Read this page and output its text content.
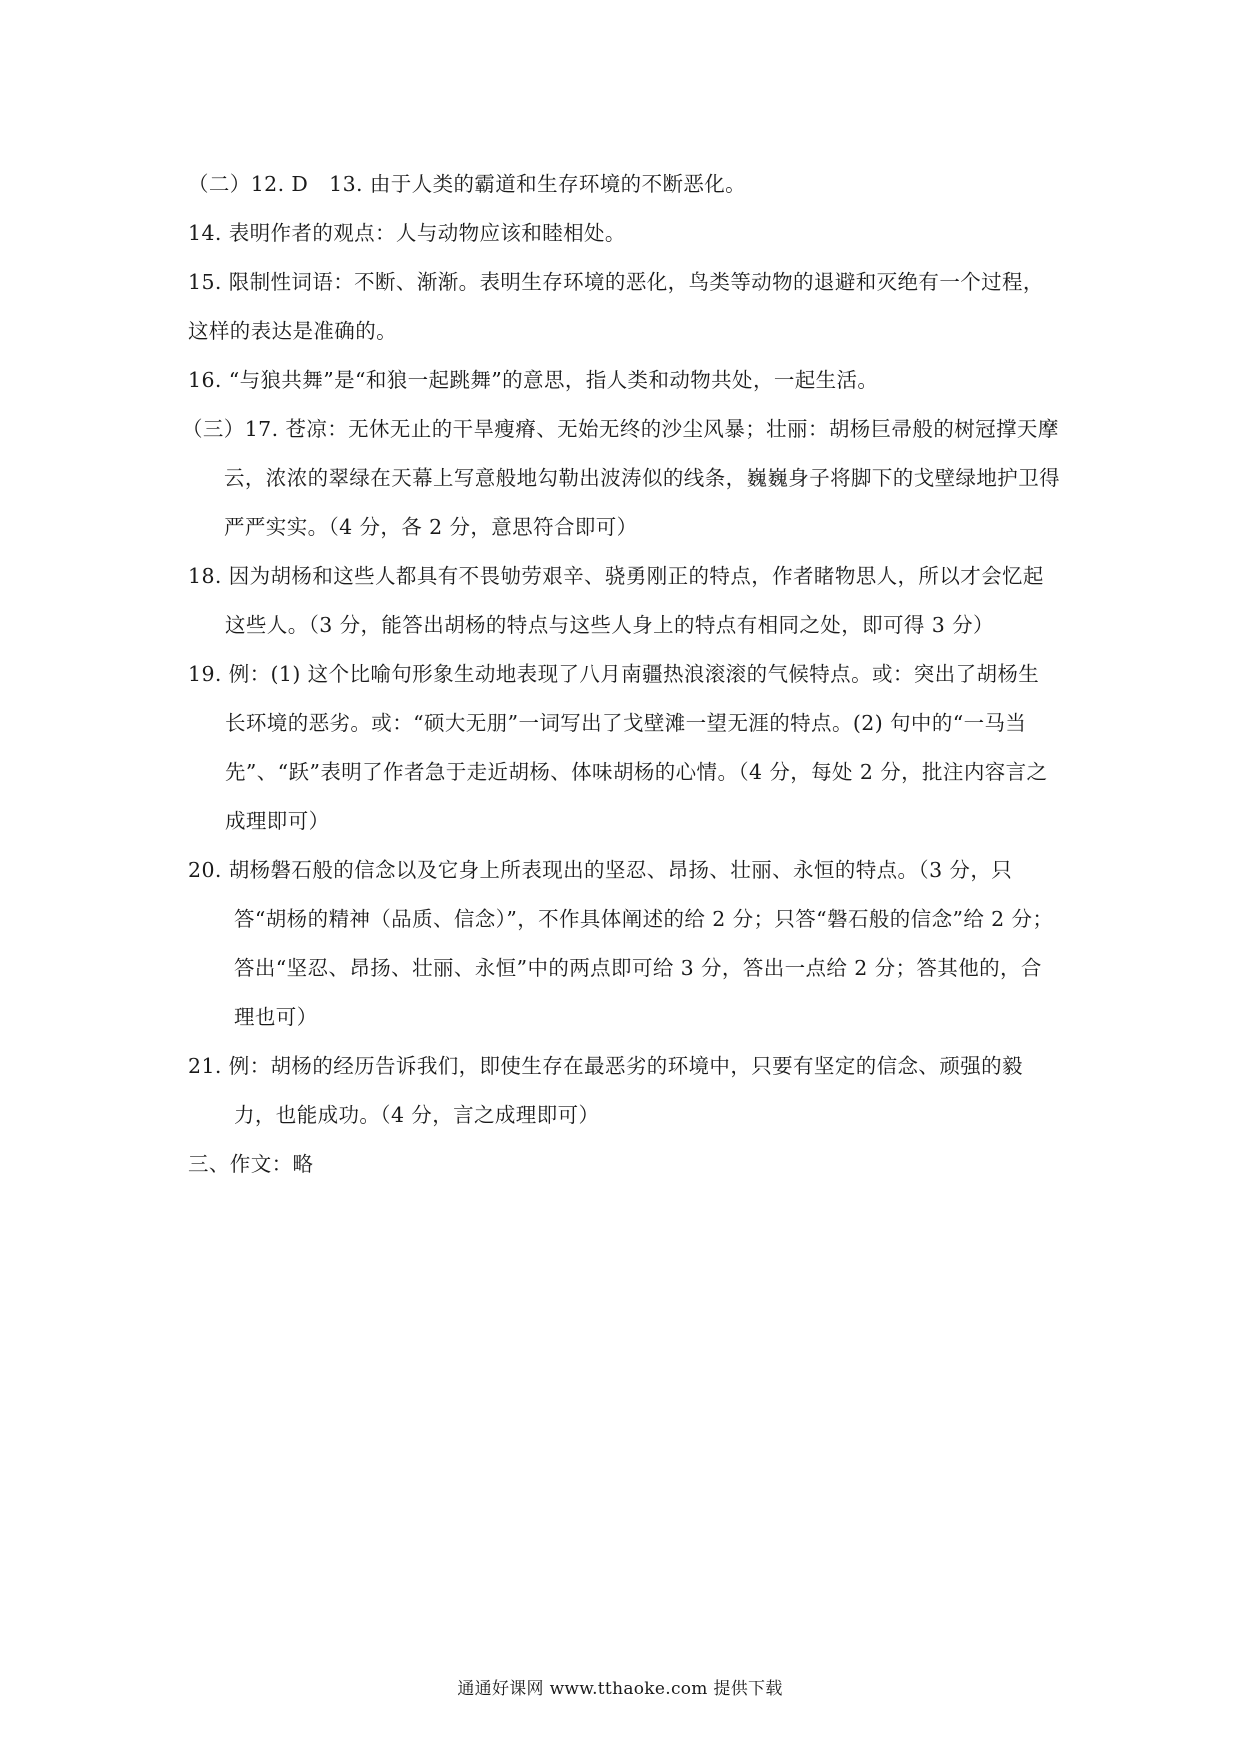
（二）12. D　13. 由于人类的霸道和生存环境的不断恶化。

14. 表明作者的观点：人与动物应该和睦相处。

15. 限制性词语：不断、渐渐。表明生存环境的恶化，鸟类等动物的退避和灭绝有一个过程，这样的表达是准确的。

16. “与狼共舞”是“和狼一起跳舞”的意思，指人类和动物共处，一起生活。

（三）17. 苍凉：无休无止的干旱瘦瘠、无始无终的沙尘风暴；壮丽：胡杨巨帚般的树冠撑天摩云，浓浓的翠绿在天幕上写意般地勾勒出波涛似的线条，巍巍身子将脚下的戈壁绿地护卫得严严实实。（4 分，各 2 分，意思符合即可）

18. 因为胡杨和这些人都具有不畏劬劳艰辛、骁勇刚正的特点，作者睹物思人，所以才会忆起这些人。（3 分，能答出胡杨的特点与这些人身上的特点有相同之处，即可得 3 分）

19. 例：(1) 这个比喻句形象生动地表现了八月南疆热浪滚滚的气候特点。或：突出了胡杨生长环境的恶劣。或：“硕大无朋”一词写出了戈壁滩一望无涯的特点。(2) 句中的“一马当先”、“跃”表明了作者急于走近胡杨、体味胡杨的心情。（4 分，每处 2 分，批注内容言之成理即可）

20. 胡杨磐石般的信念以及它身上所表现出的坚忍、昂扬、壮丽、永恒的特点。（3 分，只答“胡杨的精神（品质、信念）”，不作具体阐述的给 2 分；只答“磐石般的信念”给 2 分；答出“坚忍、昂扬、壮丽、永恒”中的两点即可给 3 分，答出一点给 2 分；答其他的，合理也可）

21. 例：胡杨的经历告诉我们，即使生存在最恶劣的环境中，只要有坚定的信念、顽强的毅力，也能成功。（4 分，言之成理即可）

三、作文：略

通通好课网 www.tthaoke.com 提供下载
